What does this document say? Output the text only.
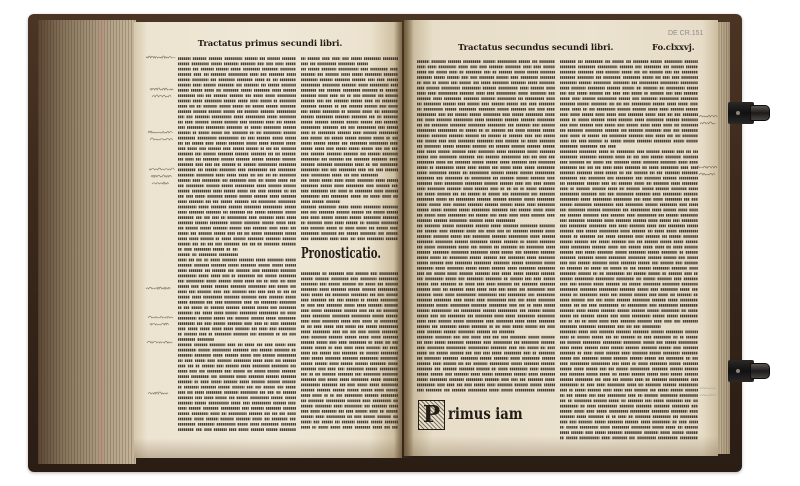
Tractatus primus secundi libri.
Pronosticatio.
DE CR.151
Tractatus secundus secundi libri.	Fo.clxxvj.
P rimus iam
